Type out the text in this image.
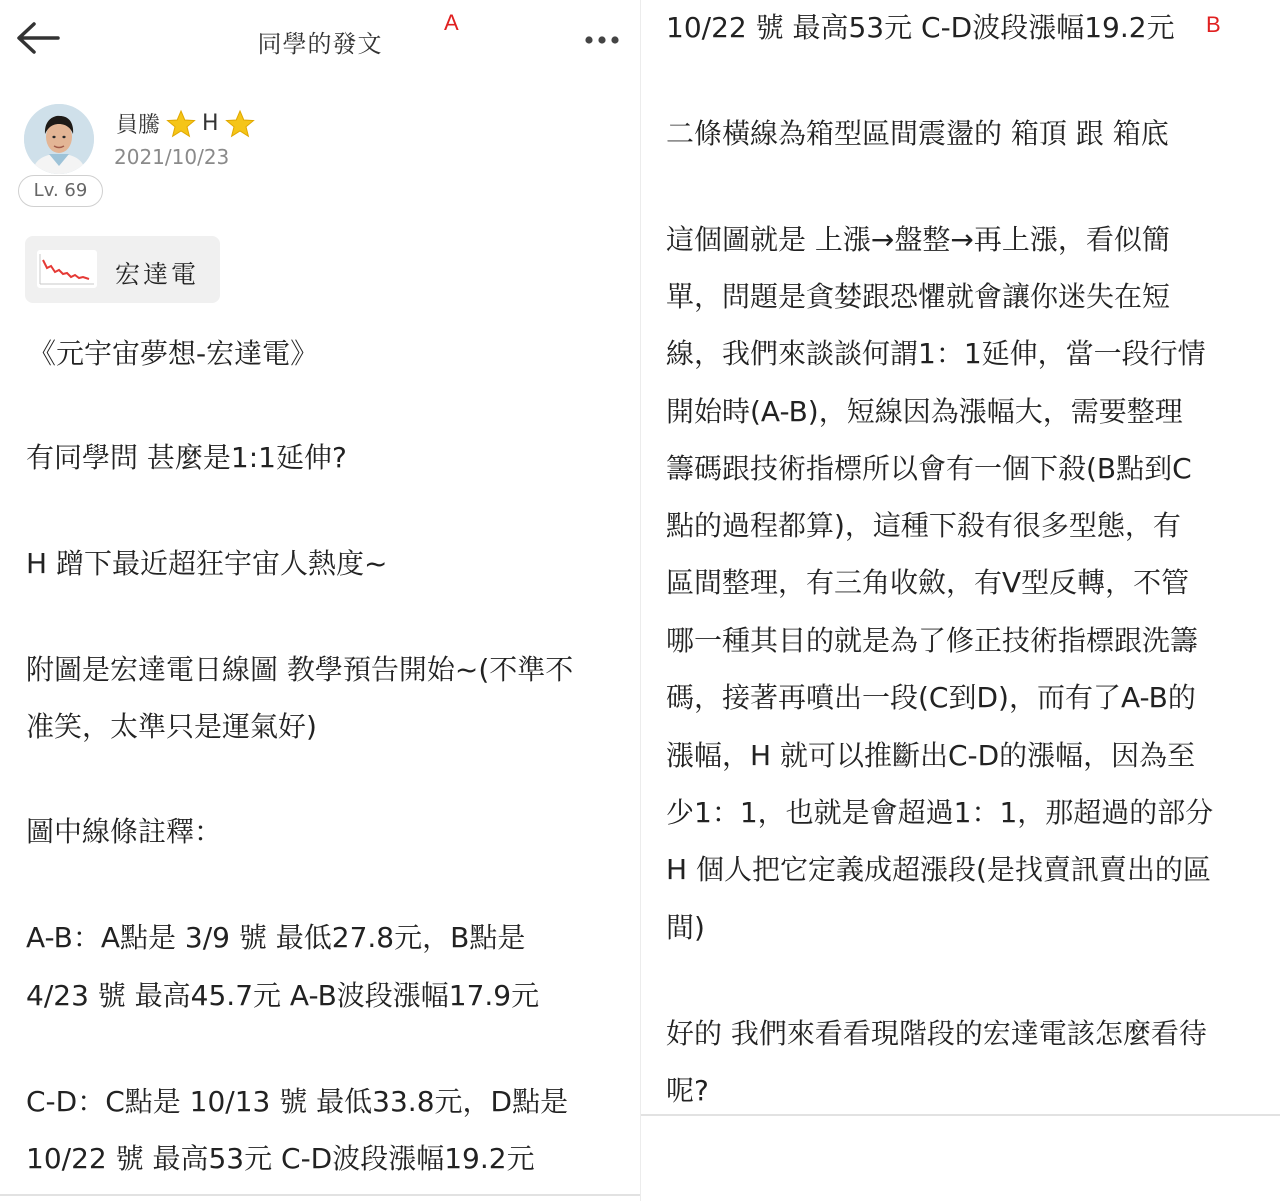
同學的發文
A
Lv. 69
員騰 H
2021/10/23
宏達電
《元宇宙夢想-宏達電》
有同學問 甚麼是1:1延伸?
H 蹭下最近超狂宇宙人熱度~
附圖是宏達電日線圖 教學預告開始~(不準不
准笑，太準只是運氣好)
圖中線條註釋：
A-B：A點是 3/9 號 最低27.8元，B點是
4/23 號 最高45.7元 A-B波段漲幅17.9元
C-D：C點是 10/13 號 最低33.8元，D點是
10/22 號 最高53元 C-D波段漲幅19.2元
10/22 號 最高53元 C-D波段漲幅19.2元 B
二條橫線為箱型區間震盪的 箱頂 跟 箱底
這個圖就是 上漲→盤整→再上漲，看似簡
單，問題是貪婪跟恐懼就會讓你迷失在短
線，我們來談談何謂1：1延伸，當一段行情
開始時(A-B)，短線因為漲幅大，需要整理
籌碼跟技術指標所以會有一個下殺(B點到C
點的過程都算)，這種下殺有很多型態，有
區間整理，有三角收斂，有V型反轉，不管
哪一種其目的就是為了修正技術指標跟洗籌
碼，接著再噴出一段(C到D)，而有了A-B的
漲幅，H 就可以推斷出C-D的漲幅，因為至
少1：1，也就是會超過1：1，那超過的部分
H 個人把它定義成超漲段(是找賣訊賣出的區
間)
好的 我們來看看現階段的宏達電該怎麼看待
呢?
